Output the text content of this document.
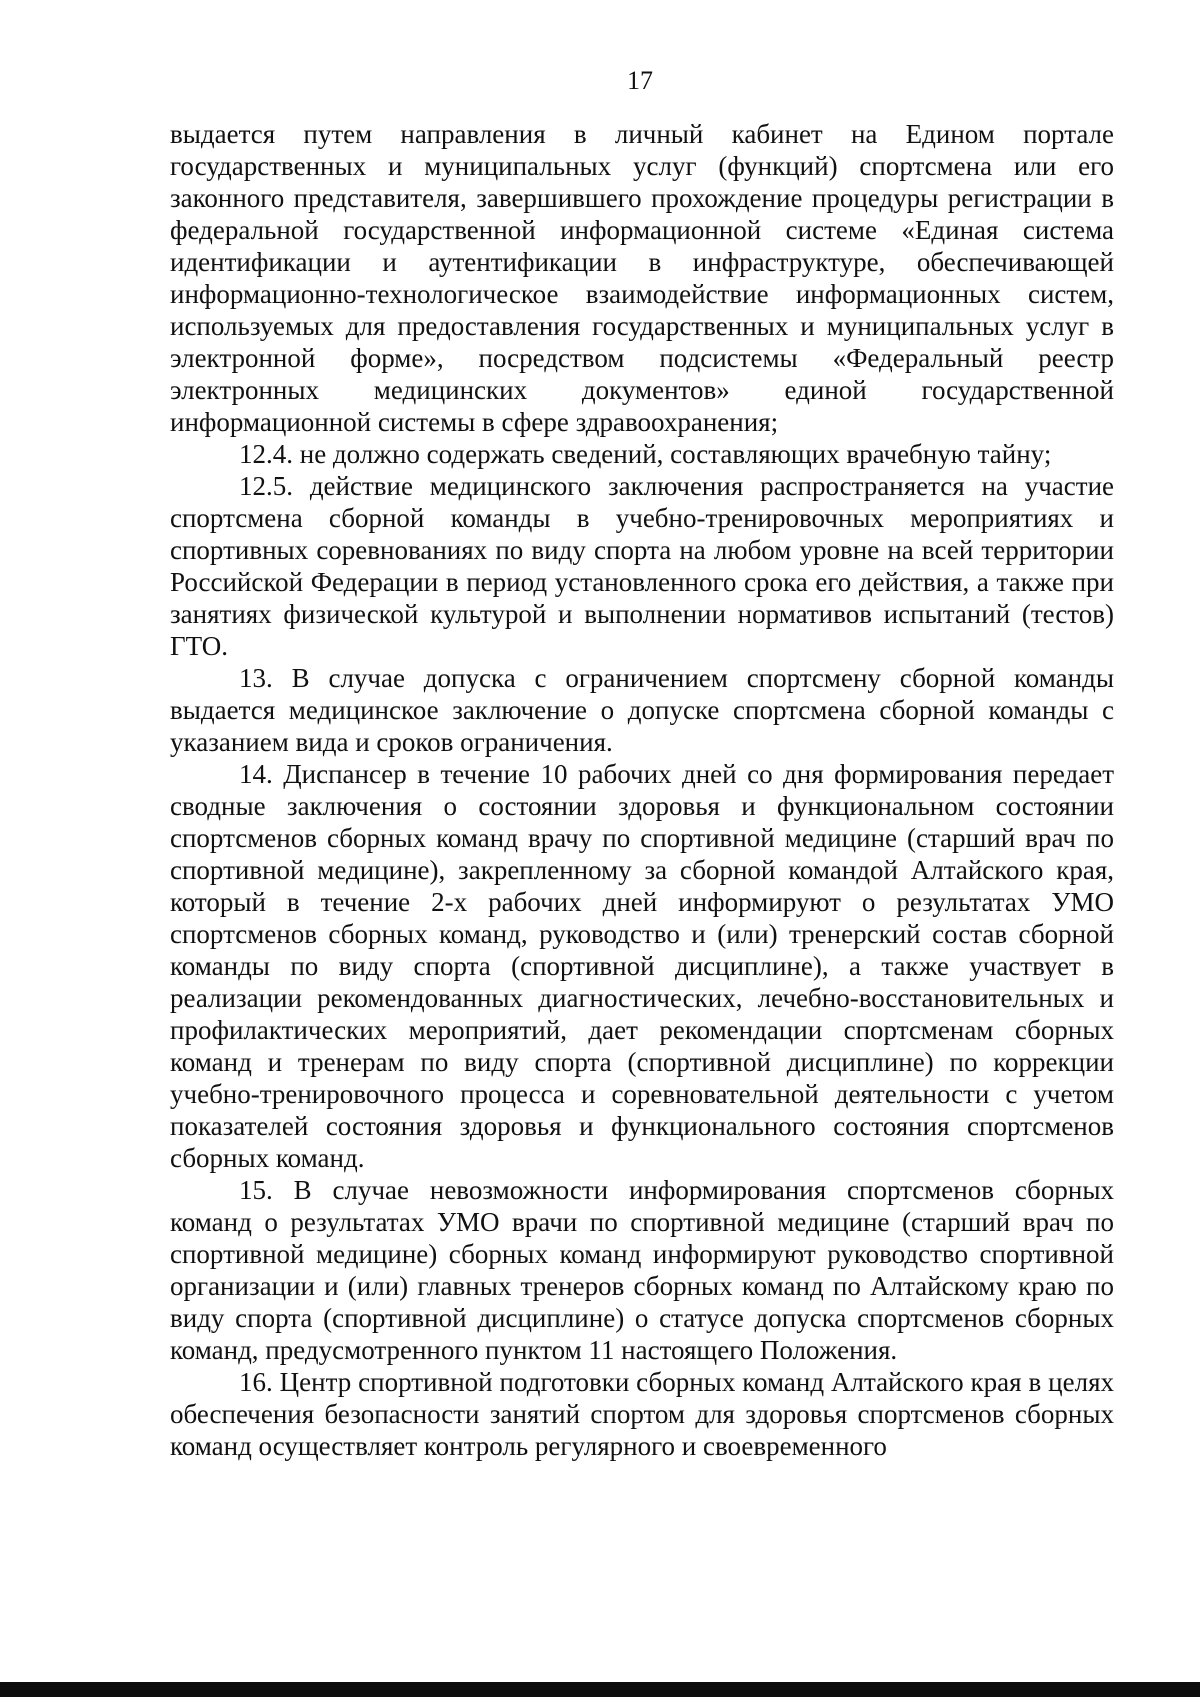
17

выдается путем направления в личный кабинет на Едином портале государственных и муниципальных услуг (функций) спортсмена или его законного представителя, завершившего прохождение процедуры регистрации в федеральной государственной информационной системе «Единая система идентификации и аутентификации в инфраструктуре, обеспечивающей информационно-технологическое взаимодействие информационных систем, используемых для предоставления государственных и муниципальных услуг в электронной форме», посредством подсистемы «Федеральный реестр электронных медицинских документов» единой государственной информационной системы в сфере здравоохранения;

12.4. не должно содержать сведений, составляющих врачебную тайну;

12.5. действие медицинского заключения распространяется на участие спортсмена сборной команды в учебно-тренировочных мероприятиях и спортивных соревнованиях по виду спорта на любом уровне на всей территории Российской Федерации в период установленного срока его действия, а также при занятиях физической культурой и выполнении нормативов испытаний (тестов) ГТО.

13. В случае допуска с ограничением спортсмену сборной команды выдается медицинское заключение о допуске спортсмена сборной команды с указанием вида и сроков ограничения.

14. Диспансер в течение 10 рабочих дней со дня формирования передает сводные заключения о состоянии здоровья и функциональном состоянии спортсменов сборных команд врачу по спортивной медицине (старший врач по спортивной медицине), закрепленному за сборной командой Алтайского края, который в течение 2-х рабочих дней информируют о результатах УМО спортсменов сборных команд, руководство и (или) тренерский состав сборной команды по виду спорта (спортивной дисциплине), а также участвует в реализации рекомендованных диагностических, лечебно-восстановительных и профилактических мероприятий, дает рекомендации спортсменам сборных команд и тренерам по виду спорта (спортивной дисциплине) по коррекции учебно-тренировочного процесса и соревновательной деятельности с учетом показателей состояния здоровья и функционального состояния спортсменов сборных команд.

15. В случае невозможности информирования спортсменов сборных команд о результатах УМО врачи по спортивной медицине (старший врач по спортивной медицине) сборных команд информируют руководство спортивной организации и (или) главных тренеров сборных команд по Алтайскому краю по виду спорта (спортивной дисциплине) о статусе допуска спортсменов сборных команд, предусмотренного пунктом 11 настоящего Положения.

16. Центр спортивной подготовки сборных команд Алтайского края в целях обеспечения безопасности занятий спортом для здоровья спортсменов сборных команд осуществляет контроль регулярного и своевременного
